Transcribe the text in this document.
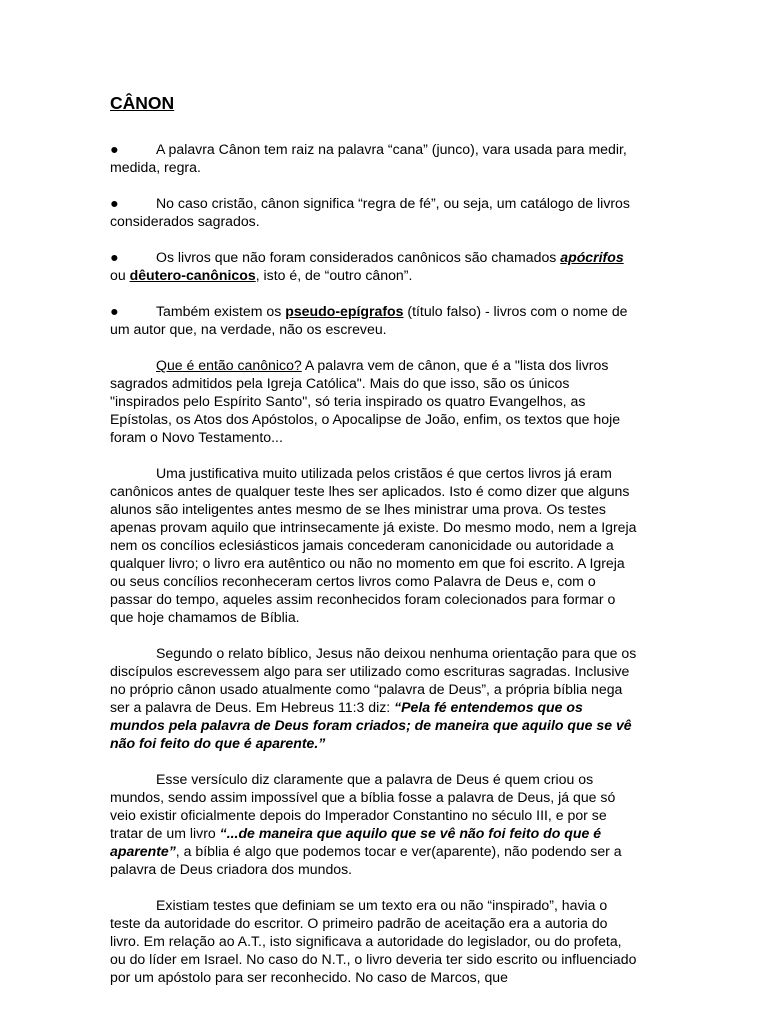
CÂNON
●	A palavra Cânon tem raiz na palavra “cana” (junco), vara usada para medir, medida, regra.
●	No caso cristão, cânon significa “regra de fé”, ou seja, um catálogo de livros considerados sagrados.
●	Os livros que não foram considerados canônicos são chamados apócrifos ou dêutero-canônicos, isto é, de “outro cânon”.
●	Também existem os pseudo-epígrafos (título falso) - livros com o nome de um autor que, na verdade, não os escreveu.
Que é então canônico? A palavra vem de cânon, que é a "lista dos livros sagrados admitidos pela Igreja Católica". Mais do que isso, são os únicos "inspirados pelo Espírito Santo", só teria inspirado os quatro Evangelhos, as Epístolas, os Atos dos Apóstolos, o Apocalipse de João, enfim, os textos que hoje foram o Novo Testamento...
Uma justificativa muito utilizada pelos cristãos é que certos livros já eram canônicos antes de qualquer teste lhes ser aplicados. Isto é como dizer que alguns alunos são inteligentes antes mesmo de se lhes ministrar uma prova. Os testes apenas provam aquilo que intrinsecamente já existe. Do mesmo modo, nem a Igreja nem os concílios eclesiásticos jamais concederam canonicidade ou autoridade a qualquer livro; o livro era autêntico ou não no momento em que foi escrito. A Igreja ou seus concílios reconheceram certos livros como Palavra de Deus e, com o passar do tempo, aqueles assim reconhecidos foram colecionados para formar o que hoje chamamos de Bíblia.
Segundo o relato bíblico, Jesus não deixou nenhuma orientação para que os discípulos escrevessem algo para ser utilizado como escrituras sagradas. Inclusive no próprio cânon usado atualmente como “palavra de Deus”, a própria bíblia nega ser a palavra de Deus. Em Hebreus 11:3 diz: “Pela fé entendemos que os mundos pela palavra de Deus foram criados; de maneira que aquilo que se vê não foi feito do que é aparente.”
Esse versículo diz claramente que a palavra de Deus é quem criou os mundos, sendo assim impossível que a bíblia fosse a palavra de Deus, já que só veio existir oficialmente depois do Imperador Constantino no século III, e por se tratar de um livro “...de maneira que aquilo que se vê não foi feito do que é aparente”, a bíblia é algo que podemos tocar e ver(aparente), não podendo ser a palavra de Deus criadora dos mundos.
Existiam testes que definiam se um texto era ou não “inspirado”, havia o teste da autoridade do escritor. O primeiro padrão de aceitação era a autoria do livro. Em relação ao A.T., isto significava a autoridade do legislador, ou do profeta, ou do líder em Israel. No caso do N.T., o livro deveria ter sido escrito ou influenciado por um apóstolo para ser reconhecido. No caso de Marcos, que
